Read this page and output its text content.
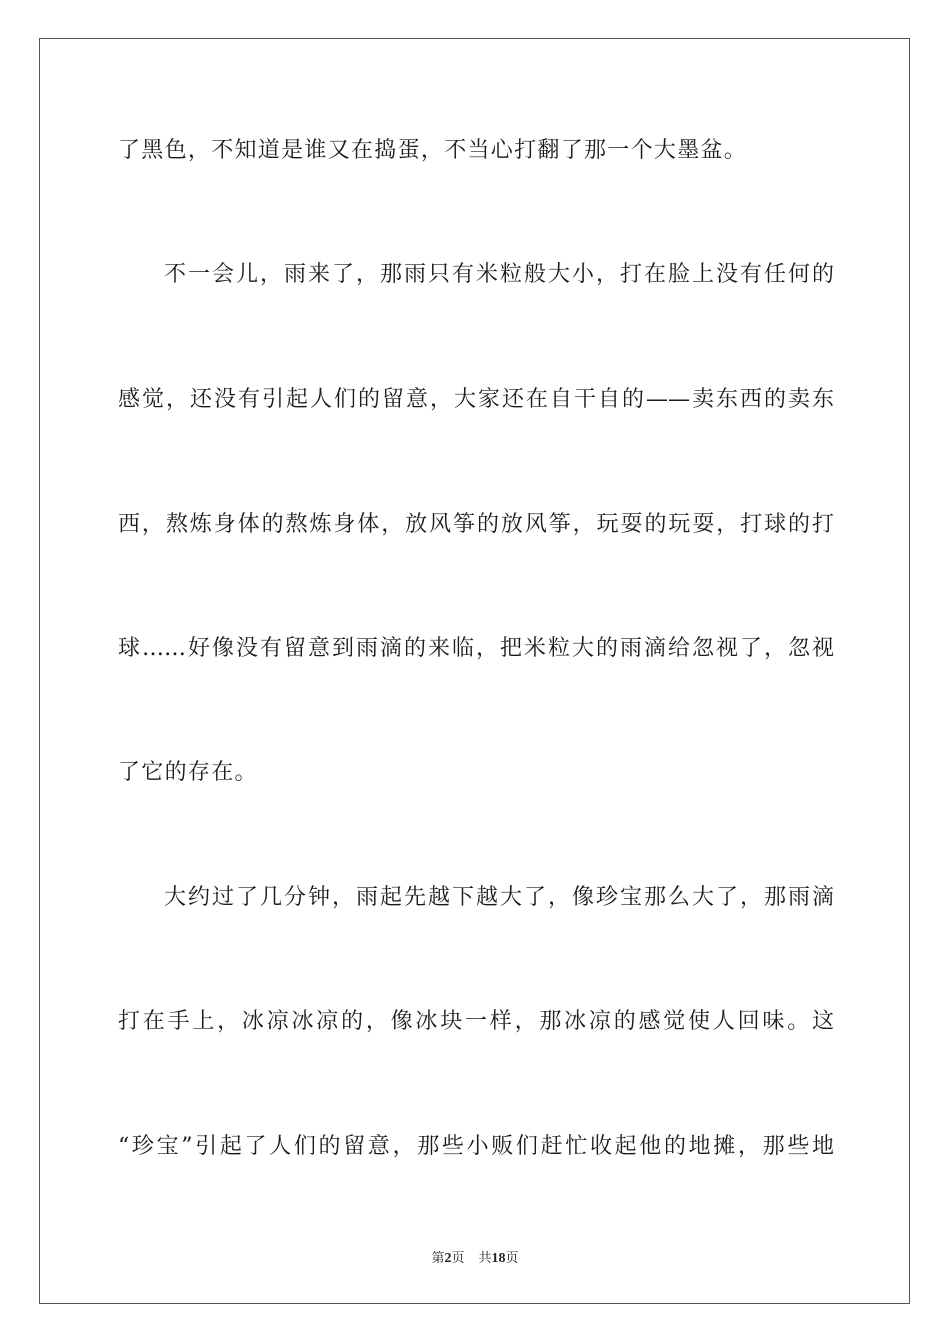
了黑色，不知道是谁又在捣蛋，不当心打翻了那一个大墨盆。
不一会儿，雨来了，那雨只有米粒般大小，打在脸上没有任何的
感觉，还没有引起人们的留意，大家还在自干自的——卖东西的卖东
西，熬炼身体的熬炼身体，放风筝的放风筝，玩耍的玩耍，打球的打
球……好像没有留意到雨滴的来临，把米粒大的雨滴给忽视了，忽视
了它的存在。
大约过了几分钟，雨起先越下越大了，像珍宝那么大了，那雨滴
打在手上，冰凉冰凉的，像冰块一样，那冰凉的感觉使人回味。这
“珍宝”引起了人们的留意，那些小贩们赶忙收起他的地摊，那些地
第2页 共18页
